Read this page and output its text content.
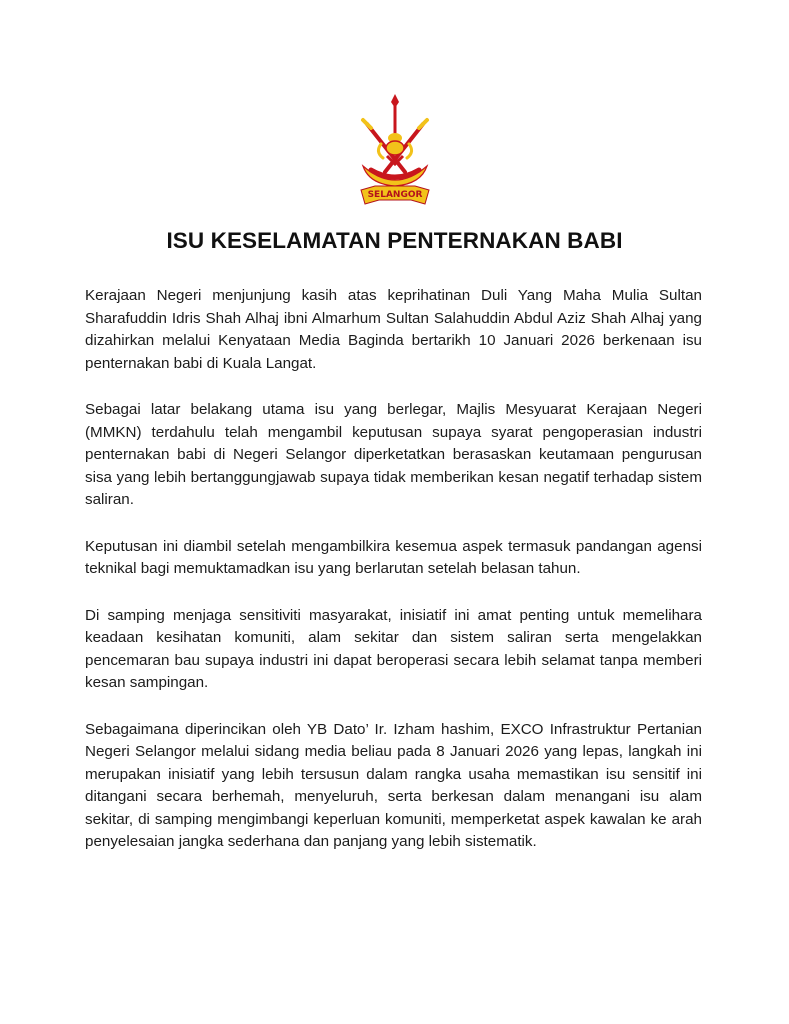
SELANGOR
ISU KESELAMATAN PENTERNAKAN BABI

Kerajaan Negeri menjunjung kasih atas keprihatinan Duli Yang Maha Mulia Sultan Sharafuddin Idris Shah Alhaj ibni Almarhum Sultan Salahuddin Abdul Aziz Shah Alhaj yang dizahirkan melalui Kenyataan Media Baginda bertarikh 10 Januari 2026 berkenaan isu penternakan babi di Kuala Langat.

Sebagai latar belakang utama isu yang berlegar, Majlis Mesyuarat Kerajaan Negeri (MMKN) terdahulu telah mengambil keputusan supaya syarat pengoperasian industri penternakan babi di Negeri Selangor diperketatkan berasaskan keutamaan pengurusan sisa yang lebih bertanggungjawab supaya tidak memberikan kesan negatif terhadap sistem saliran.

Keputusan ini diambil setelah mengambilkira kesemua aspek termasuk pandangan agensi teknikal bagi memuktamadkan isu yang berlarutan setelah belasan tahun.

Di samping menjaga sensitiviti masyarakat, inisiatif ini amat penting untuk memelihara keadaan kesihatan komuniti, alam sekitar dan sistem saliran serta mengelakkan pencemaran bau supaya industri ini dapat beroperasi secara lebih selamat tanpa memberi kesan sampingan.

Sebagaimana diperincikan oleh YB Dato’ Ir. Izham hashim, EXCO Infrastruktur Pertanian Negeri Selangor melalui sidang media beliau pada 8 Januari 2026 yang lepas, langkah ini merupakan inisiatif yang lebih tersusun dalam rangka usaha memastikan isu sensitif ini ditangani secara berhemah, menyeluruh, serta berkesan dalam menangani isu alam sekitar, di samping mengimbangi keperluan komuniti, memperketat aspek kawalan ke arah penyelesaian jangka sederhana dan panjang yang lebih sistematik.
